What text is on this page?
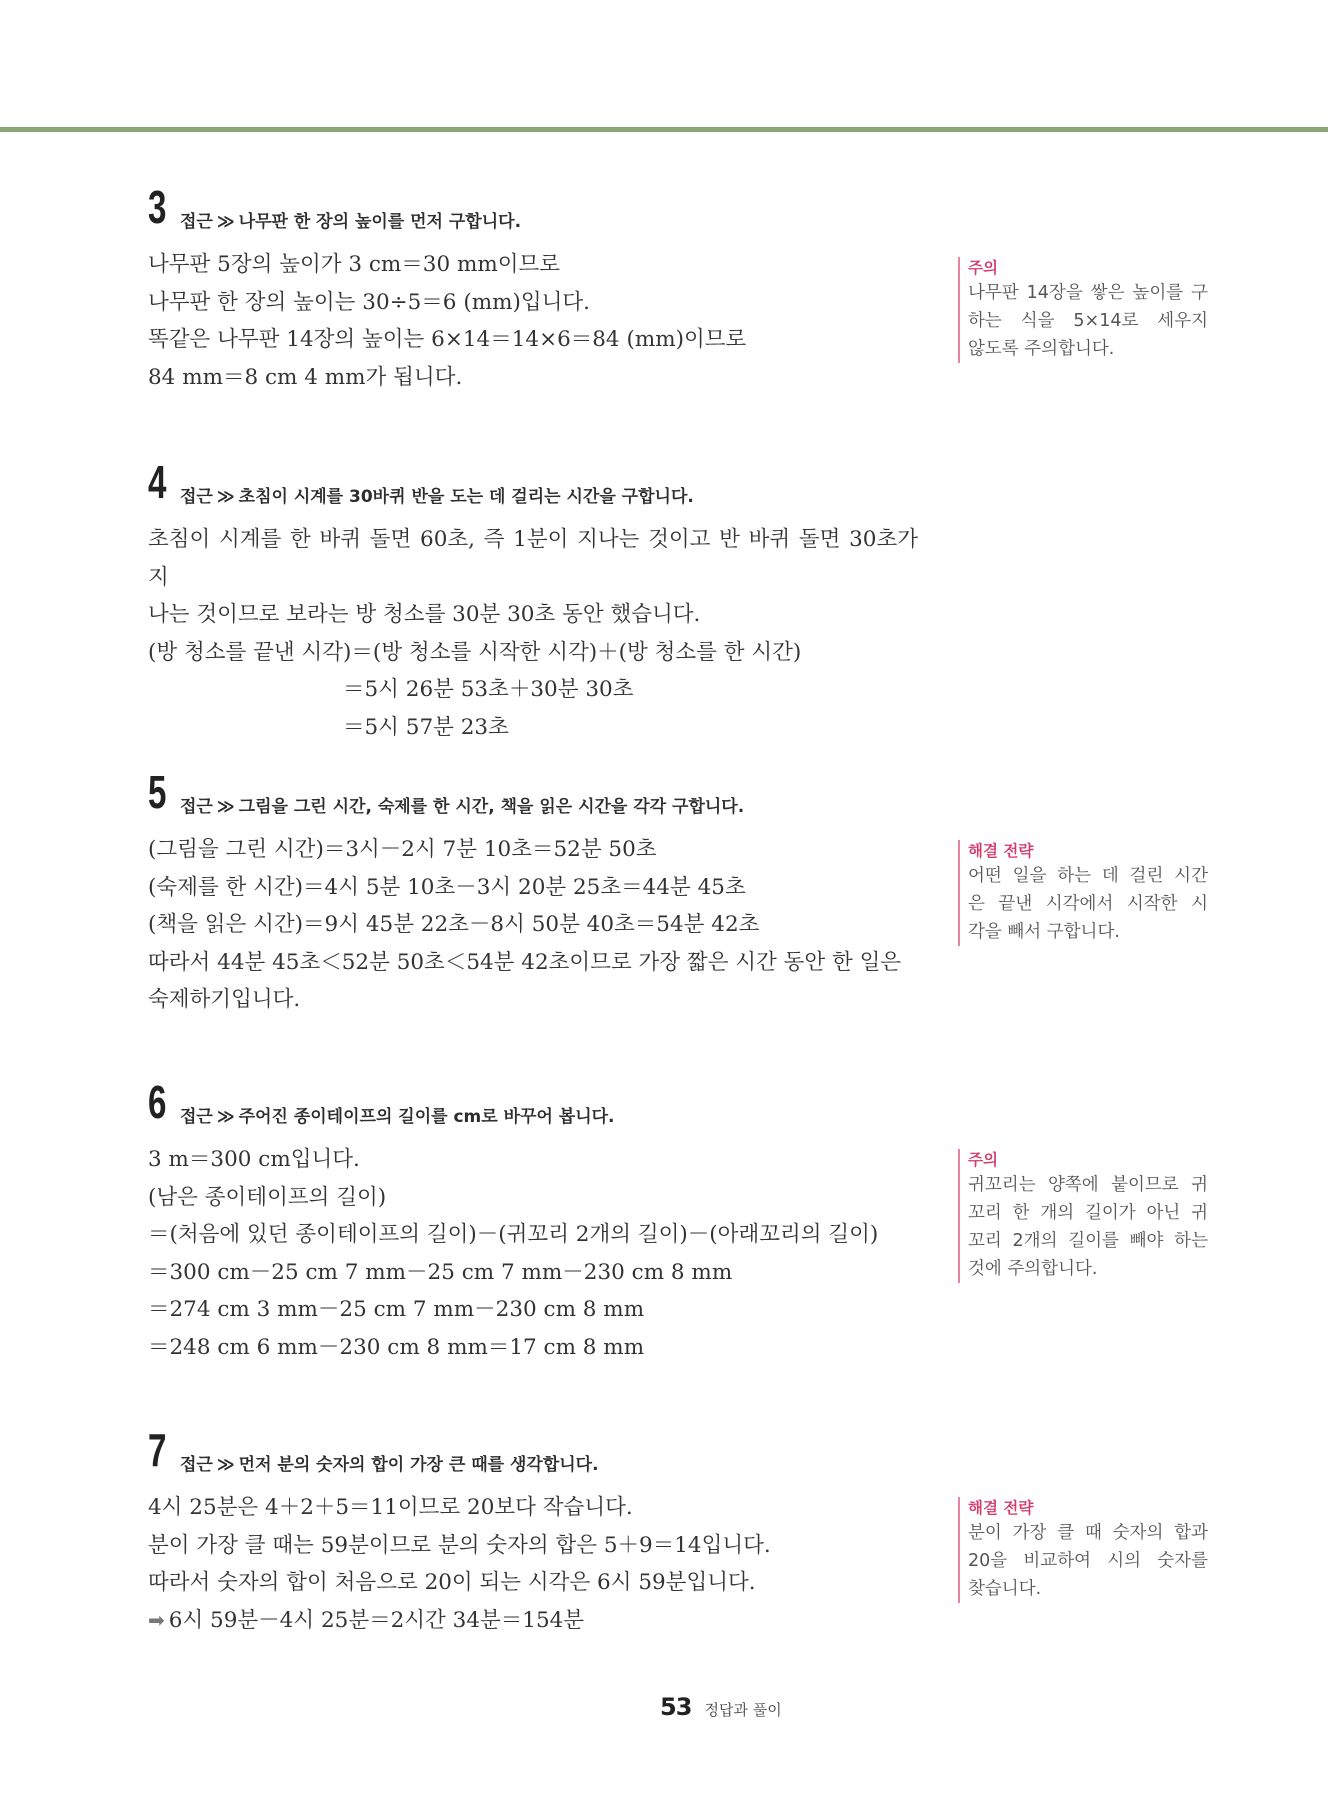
3 접근 ≫ 나무판 한 장의 높이를 먼저 구합니다.
나무판 5장의 높이가 3 cm＝30 mm이므로
나무판 한 장의 높이는 30÷5＝6 (mm)입니다.
똑같은 나무판 14장의 높이는 6×14＝14×6＝84 (mm)이므로
84 mm＝8 cm 4 mm가 됩니다.
주의
나무판 14장을 쌓은 높이를 구
하는 식을 5×14로 세우지
않도록 주의합니다.
4 접근 ≫ 초침이 시계를 30바퀴 반을 도는 데 걸리는 시간을 구합니다.
초침이 시계를 한 바퀴 돌면 60초, 즉 1분이 지나는 것이고 반 바퀴 돌면 30초가 지
나는 것이므로 보라는 방 청소를 30분 30초 동안 했습니다.
(방 청소를 끝낸 시각)＝(방 청소를 시작한 시각)＋(방 청소를 한 시간)
＝5시 26분 53초＋30분 30초
＝5시 57분 23초
5 접근 ≫ 그림을 그린 시간, 숙제를 한 시간, 책을 읽은 시간을 각각 구합니다.
(그림을 그린 시간)＝3시－2시 7분 10초＝52분 50초
(숙제를 한 시간)＝4시 5분 10초－3시 20분 25초＝44분 45초
(책을 읽은 시간)＝9시 45분 22초－8시 50분 40초＝54분 42초
따라서 44분 45초＜52분 50초＜54분 42초이므로 가장 짧은 시간 동안 한 일은
숙제하기입니다.
해결 전략
어떤 일을 하는 데 걸린 시간
은 끝낸 시각에서 시작한 시
각을 빼서 구합니다.
6 접근 ≫ 주어진 종이테이프의 길이를 cm로 바꾸어 봅니다.
3 m＝300 cm입니다.
(남은 종이테이프의 길이)
＝(처음에 있던 종이테이프의 길이)－(귀꼬리 2개의 길이)－(아래꼬리의 길이)
＝300 cm－25 cm 7 mm－25 cm 7 mm－230 cm 8 mm
＝274 cm 3 mm－25 cm 7 mm－230 cm 8 mm
＝248 cm 6 mm－230 cm 8 mm＝17 cm 8 mm
주의
귀꼬리는 양쪽에 붙이므로 귀
꼬리 한 개의 길이가 아닌 귀
꼬리 2개의 길이를 빼야 하는
것에 주의합니다.
7 접근 ≫ 먼저 분의 숫자의 합이 가장 큰 때를 생각합니다.
4시 25분은 4＋2＋5＝11이므로 20보다 작습니다.
분이 가장 클 때는 59분이므로 분의 숫자의 합은 5＋9＝14입니다.
따라서 숫자의 합이 처음으로 20이 되는 시각은 6시 59분입니다.
➡ 6시 59분－4시 25분＝2시간 34분＝154분
해결 전략
분이 가장 클 때 숫자의 합과
20을 비교하여 시의 숫자를
찾습니다.
53 정답과 풀이
